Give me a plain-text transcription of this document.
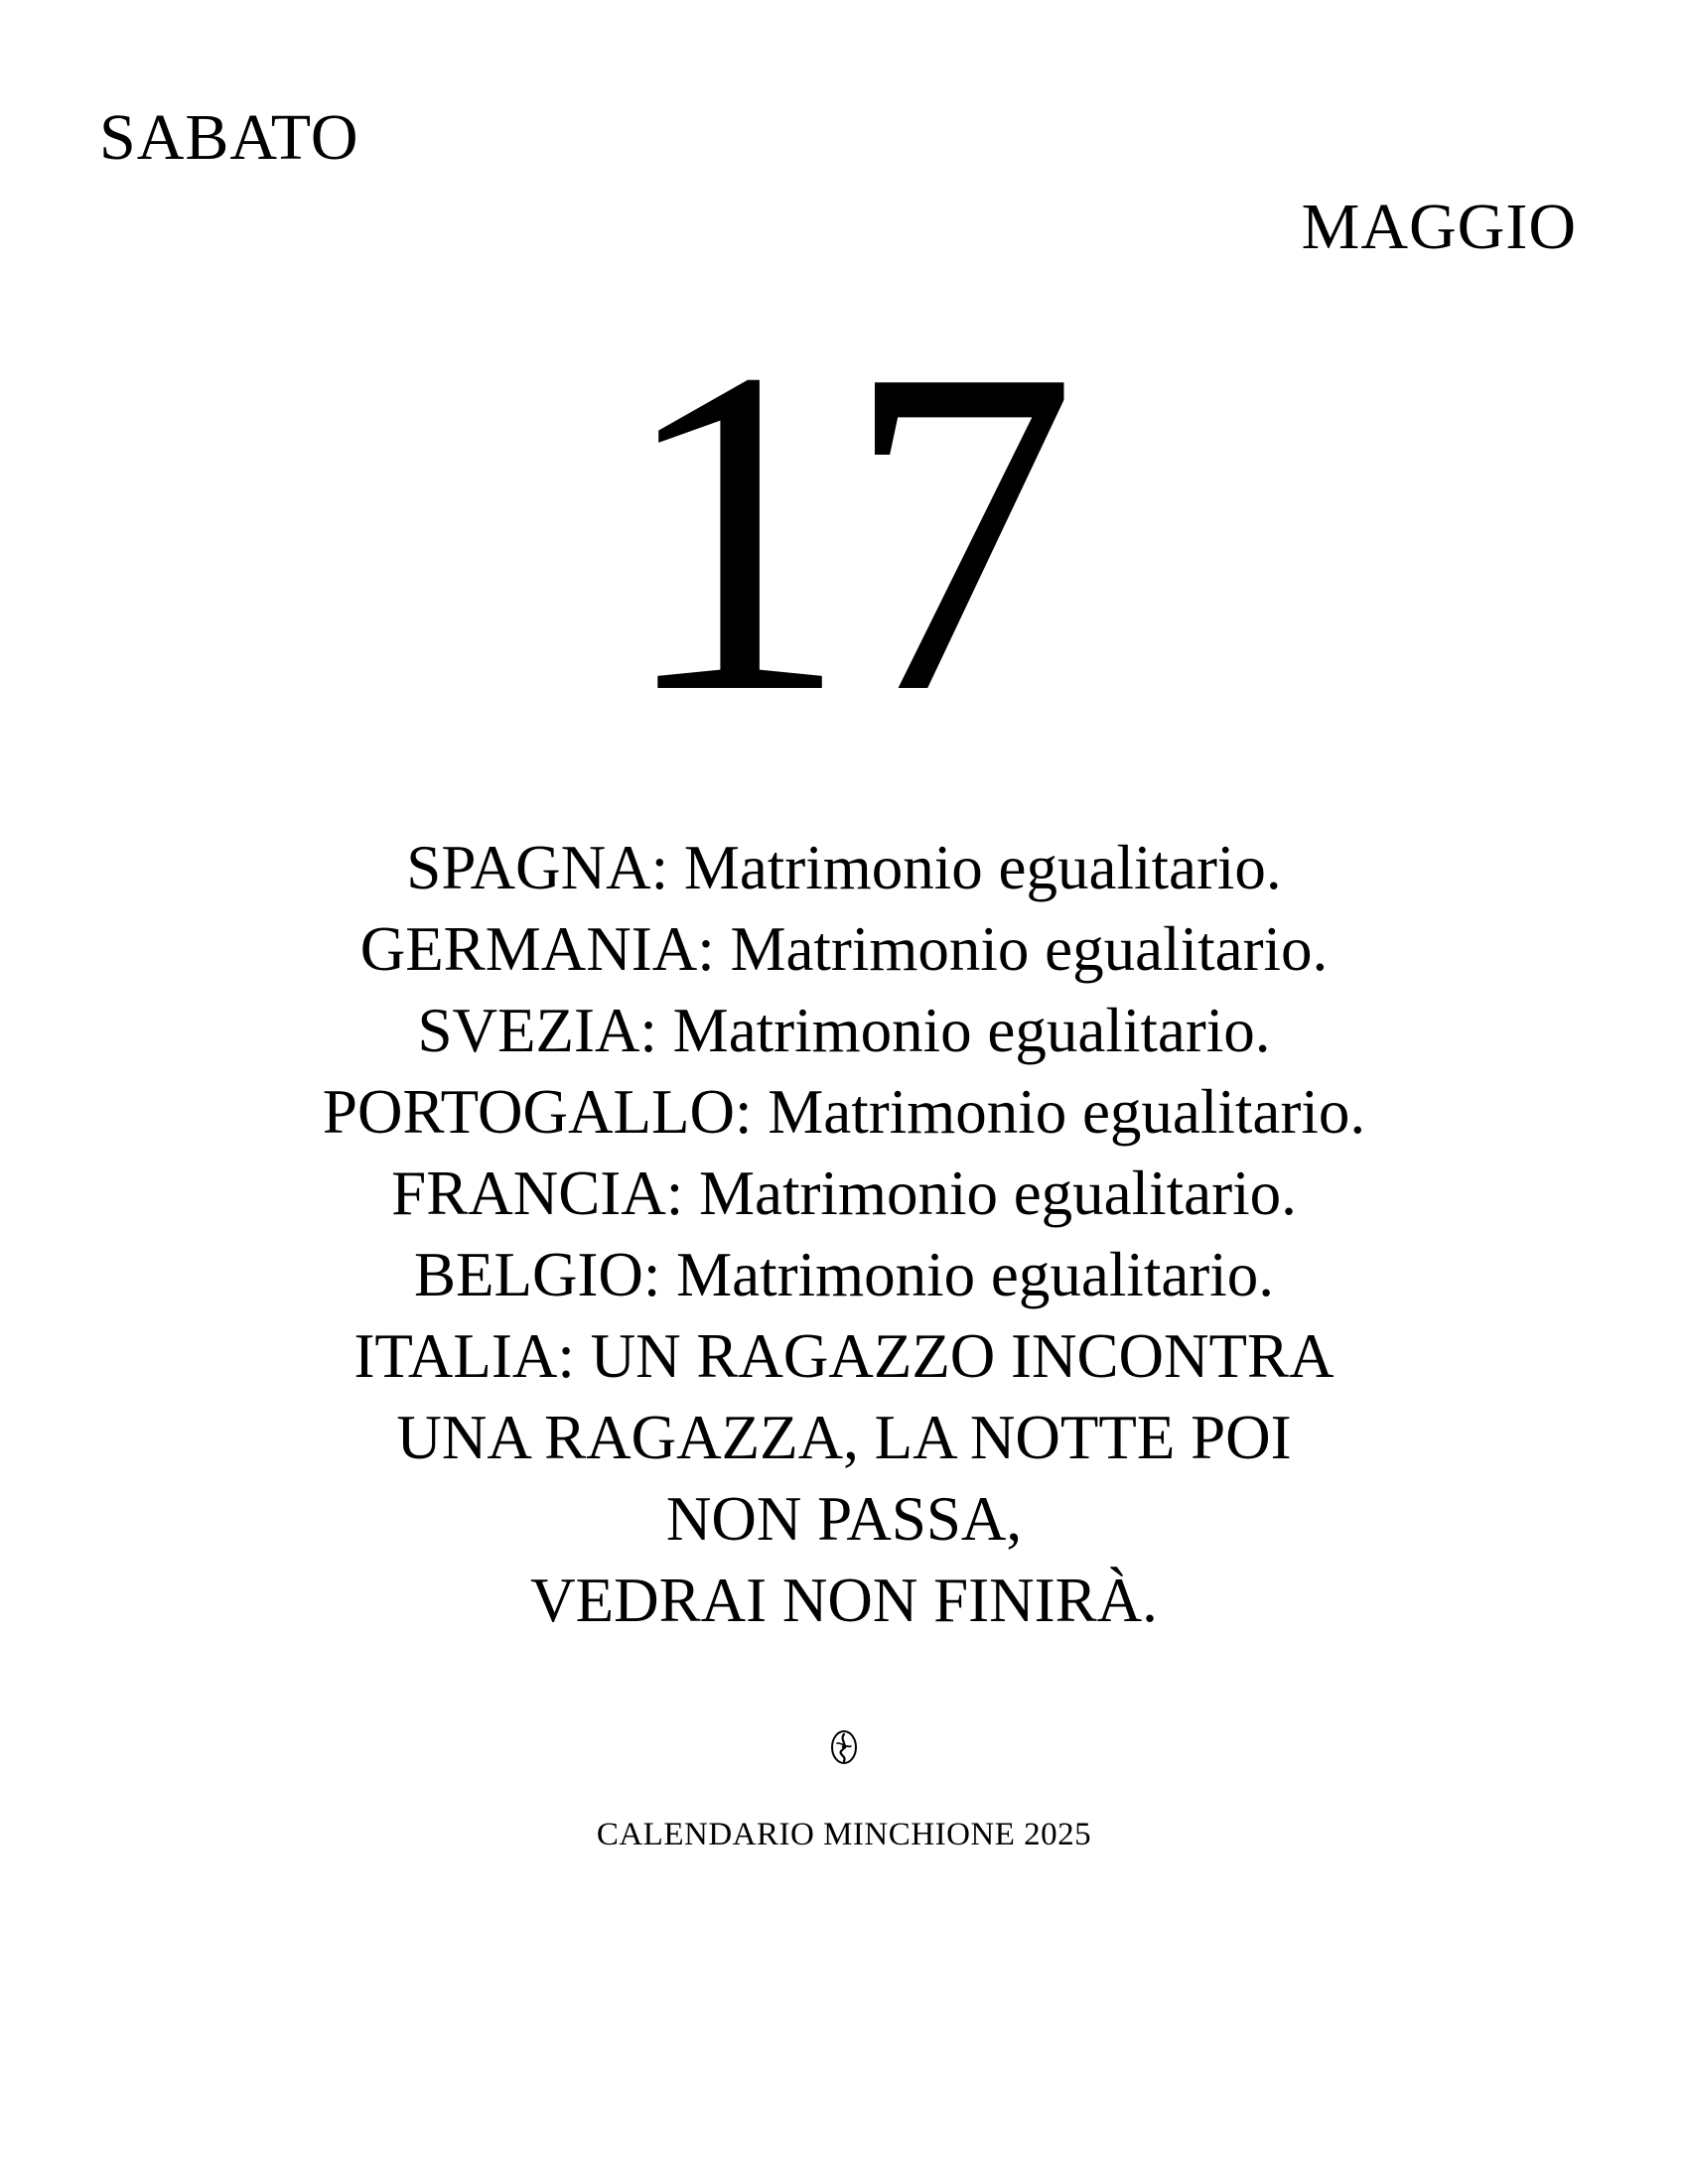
SABATO
MAGGIO
17
SPAGNA: Matrimonio egualitario.
GERMANIA: Matrimonio egualitario.
SVEZIA: Matrimonio egualitario.
PORTOGALLO: Matrimonio egualitario.
FRANCIA: Matrimonio egualitario.
BELGIO: Matrimonio egualitario.
ITALIA: UN RAGAZZO INCONTRA
UNA RAGAZZA, LA NOTTE POI
NON PASSA,
VEDRAI NON FINIRÀ.

CALENDARIO MINCHIONE 2025
